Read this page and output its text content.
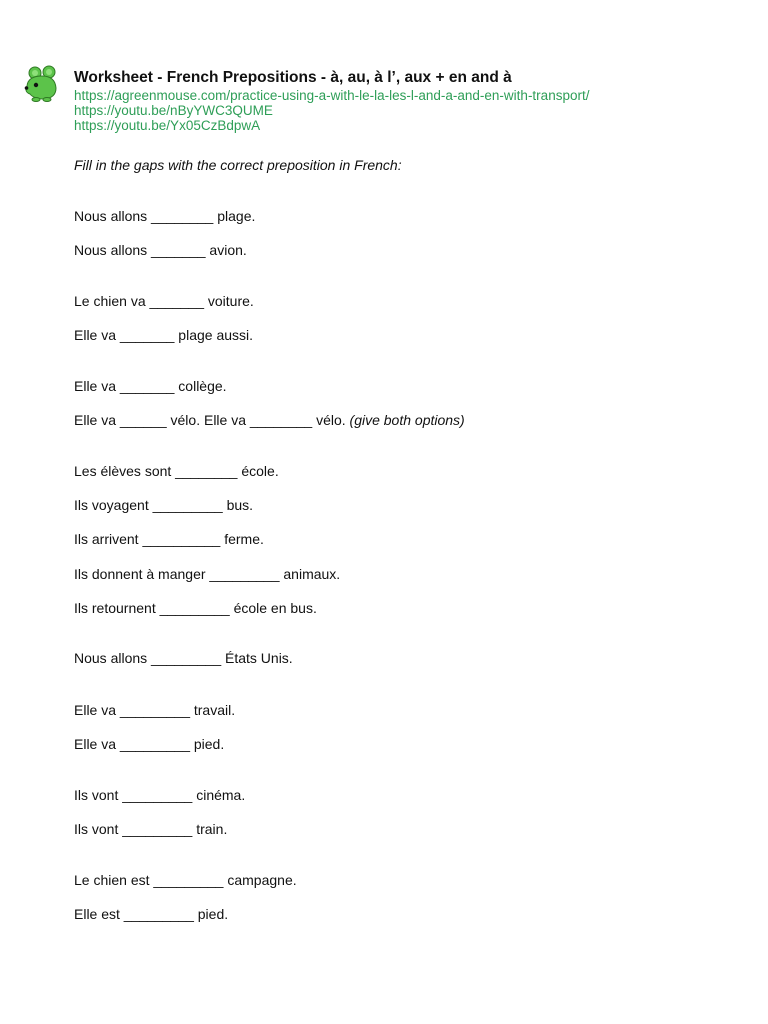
Worksheet - French Prepositions - à, au, à l’, aux + en and à
https://agreenmouse.com/practice-using-a-with-le-la-les-l-and-a-and-en-with-transport/
https://youtu.be/nByYWC3QUME
https://youtu.be/Yx05CzBdpwA
Fill in the gaps with the correct preposition in French:
Nous allons ________ plage.
Nous allons _______ avion.
Le chien va _______ voiture.
Elle va _______ plage aussi.
Elle va _______ collège.
Elle va ______ vélo. Elle va ________ vélo. (give both options)
Les élèves sont ________ école.
Ils voyagent _________ bus.
Ils arrivent __________ ferme.
Ils donnent à manger _________ animaux.
Ils retournent _________ école en bus.
Nous allons _________ États Unis.
Elle va _________ travail.
Elle va _________ pied.
Ils vont _________ cinéma.
Ils vont _________ train.
Le chien est _________ campagne.
Elle est _________ pied.
